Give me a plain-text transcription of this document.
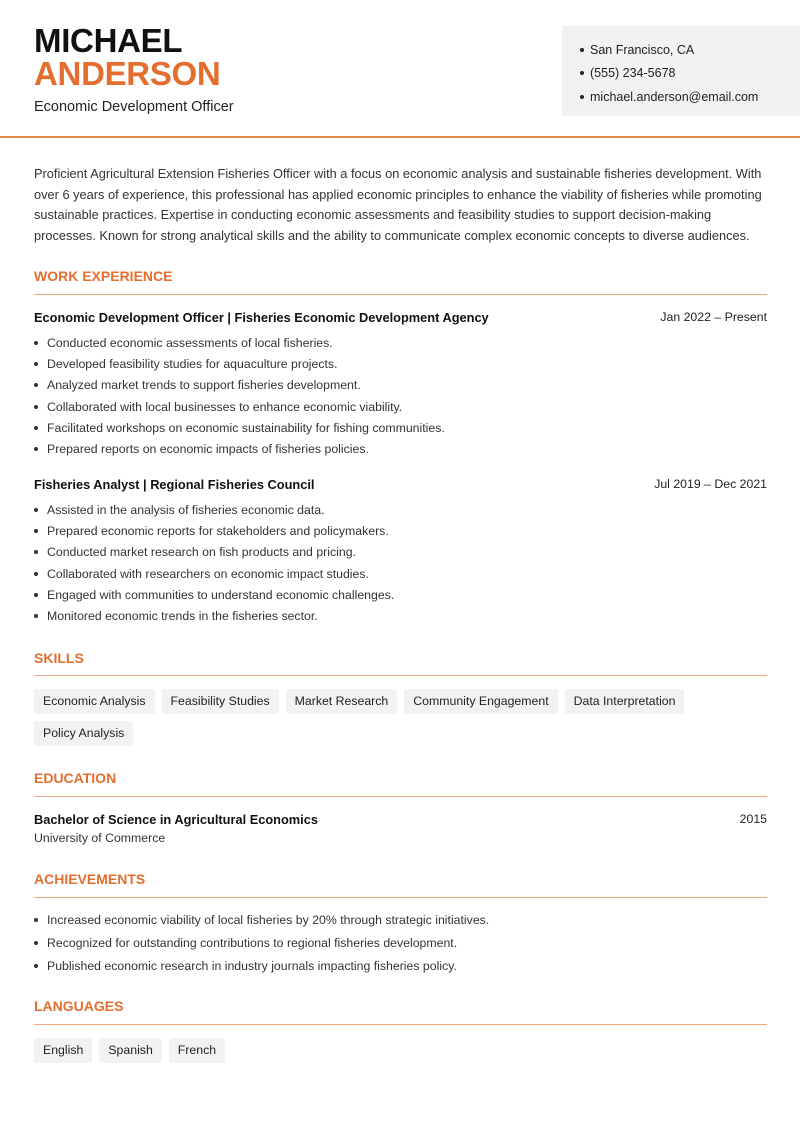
MICHAEL
ANDERSON
Economic Development Officer
San Francisco, CA
(555) 234-5678
michael.anderson@email.com

Proficient Agricultural Extension Fisheries Officer with a focus on economic analysis and sustainable fisheries development. With over 6 years of experience, this professional has applied economic principles to enhance the viability of fisheries while promoting sustainable practices. Expertise in conducting economic assessments and feasibility studies to support decision-making processes. Known for strong analytical skills and the ability to communicate complex economic concepts to diverse audiences.

WORK EXPERIENCE
Economic Development Officer | Fisheries Economic Development Agency	Jan 2022 – Present
Conducted economic assessments of local fisheries.
Developed feasibility studies for aquaculture projects.
Analyzed market trends to support fisheries development.
Collaborated with local businesses to enhance economic viability.
Facilitated workshops on economic sustainability for fishing communities.
Prepared reports on economic impacts of fisheries policies.
Fisheries Analyst | Regional Fisheries Council	Jul 2019 – Dec 2021
Assisted in the analysis of fisheries economic data.
Prepared economic reports for stakeholders and policymakers.
Conducted market research on fish products and pricing.
Collaborated with researchers on economic impact studies.
Engaged with communities to understand economic challenges.
Monitored economic trends in the fisheries sector.
SKILLS
Economic Analysis	Feasibility Studies	Market Research	Community Engagement	Data Interpretation
Policy Analysis
EDUCATION
Bachelor of Science in Agricultural Economics	2015
University of Commerce
ACHIEVEMENTS
Increased economic viability of local fisheries by 20% through strategic initiatives.
Recognized for outstanding contributions to regional fisheries development.
Published economic research in industry journals impacting fisheries policy.
LANGUAGES
English	Spanish	French
